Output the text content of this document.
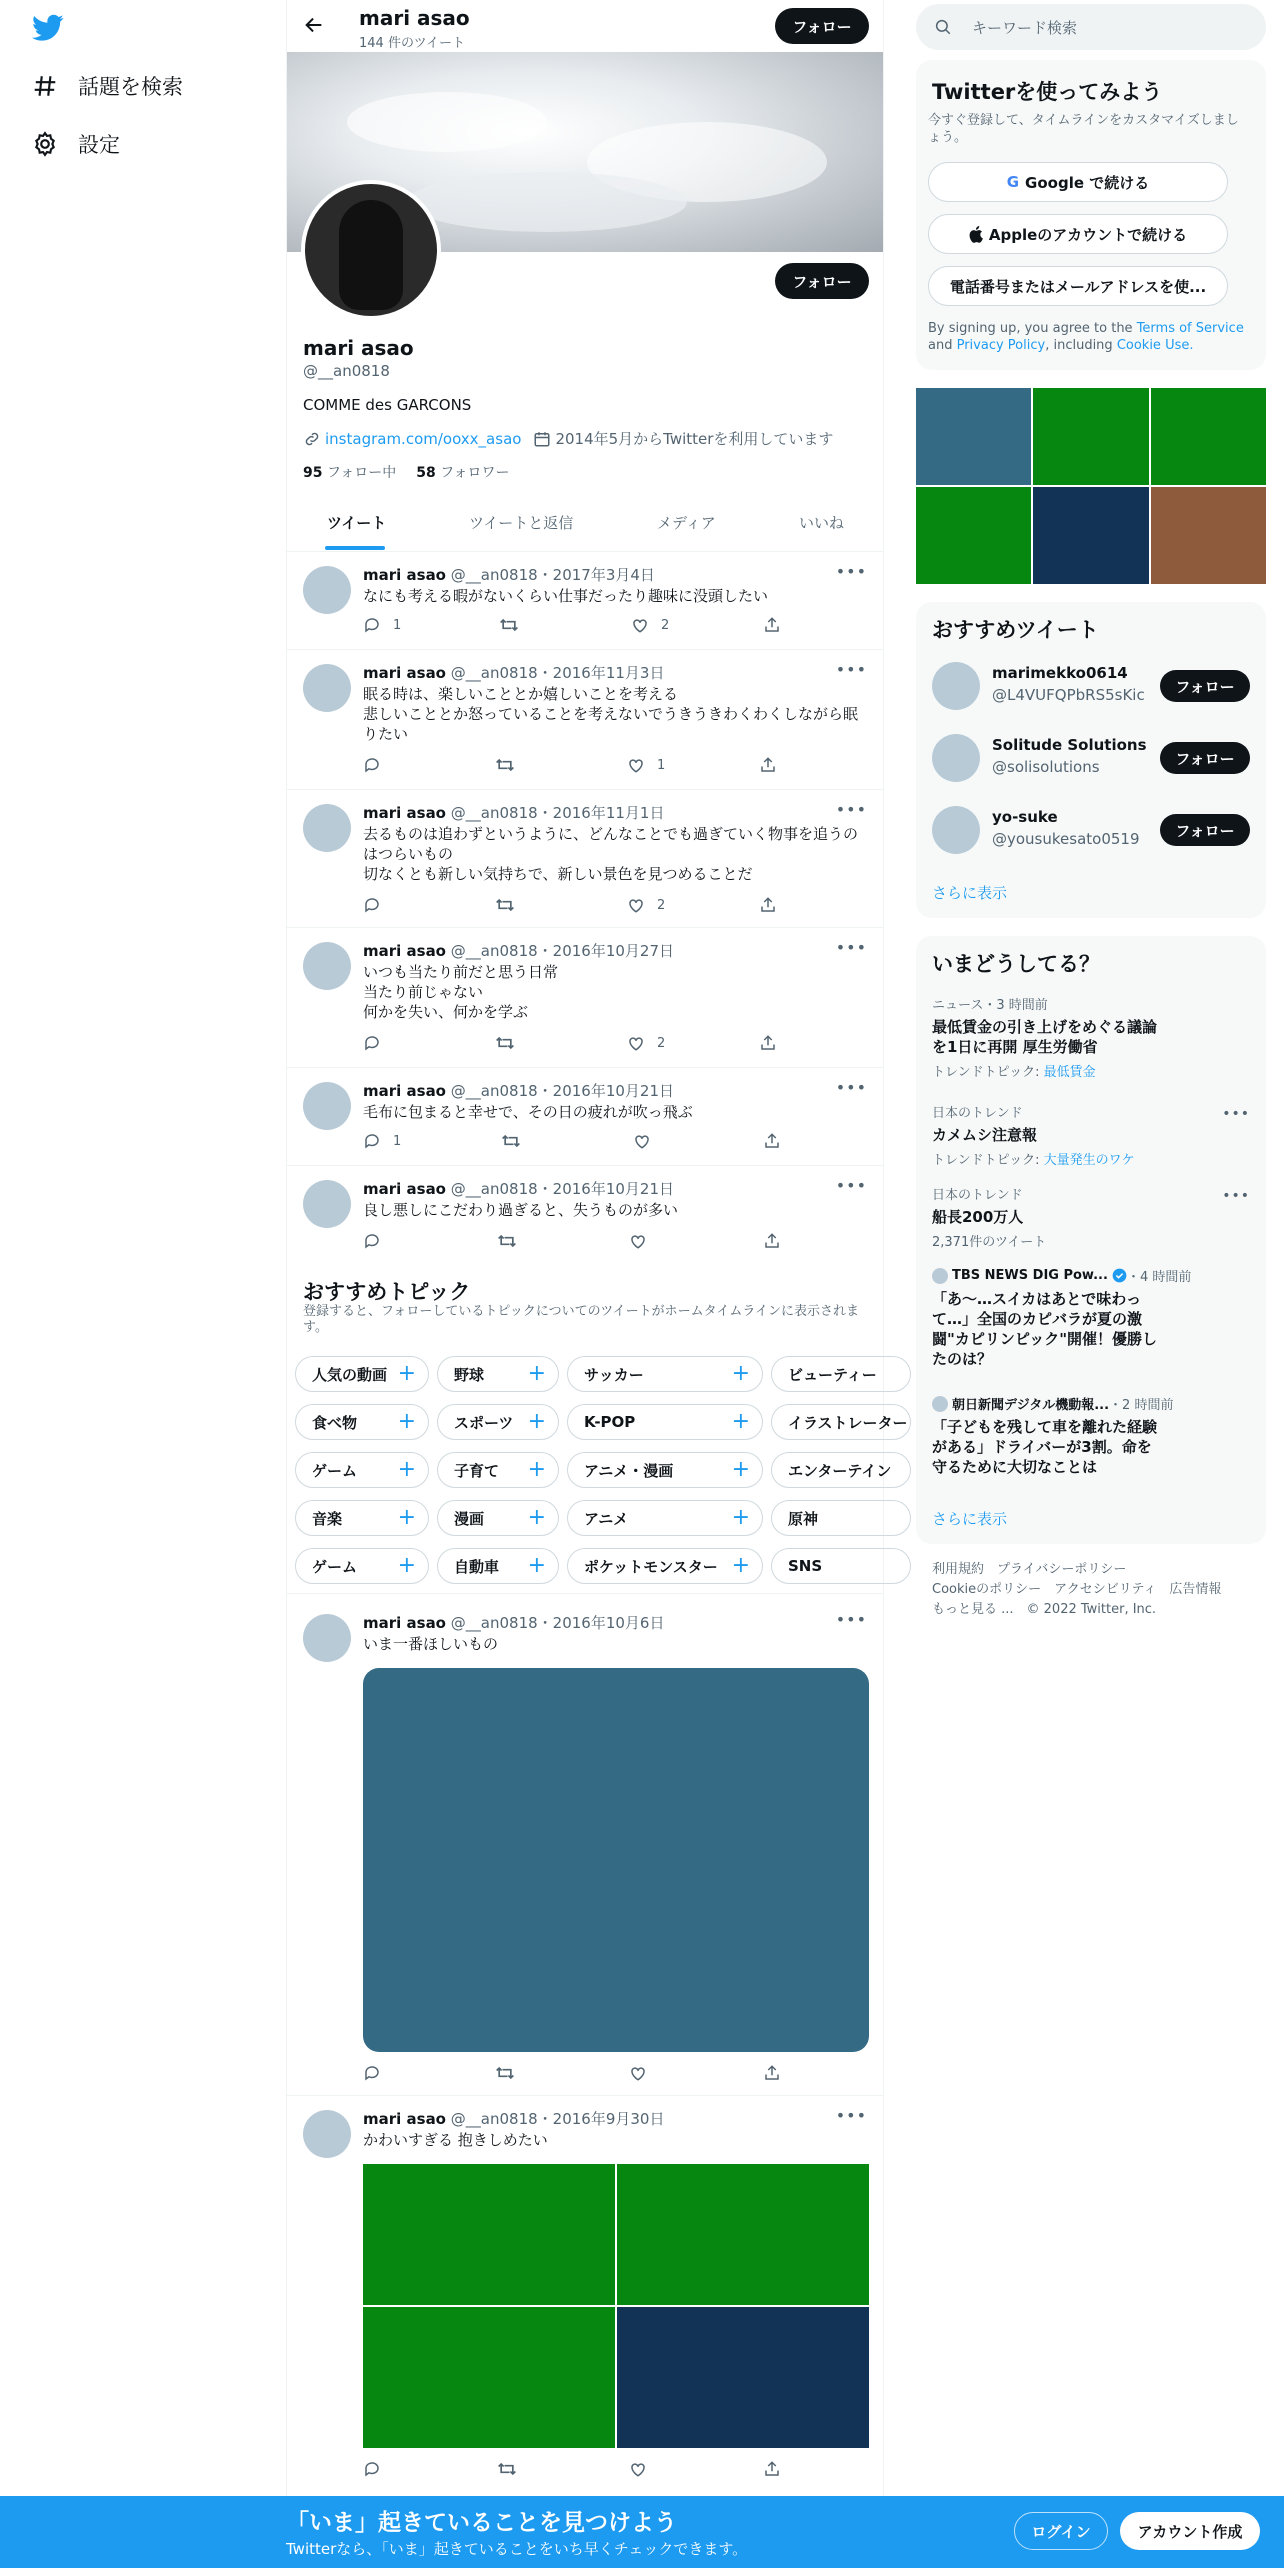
話題を検索
設定
mari asao
144 件のツイート
フォロー
フォロー
mari asao
@__an0818
COMME des GARCONS
instagram.com/ooxx_asao 2014年5月からTwitterを利用しています
95 フォロー中 58 フォロワー
ツイート	ツイートと返信	メディア	いいね
mari asao @__an0818・2017年3月4日	•••
なにも考える暇がないくらい仕事だったり趣味に没頭したい
1	2
mari asao @__an0818・2016年11月3日	•••
眠る時は、楽しいこととか嬉しいことを考える
悲しいこととか怒っていることを考えないでうきうきわくわくしながら眠りたい
1
mari asao @__an0818・2016年11月1日	•••
去るものは追わずというように、どんなことでも過ぎていく物事を追うのはつらいもの
切なくとも新しい気持ちで、新しい景色を見つめることだ
2
mari asao @__an0818・2016年10月27日	•••
いつも当たり前だと思う日常
当たり前じゃない
何かを失い、何かを学ぶ
2
mari asao @__an0818・2016年10月21日	•••
毛布に包まると幸せで、その日の疲れが吹っ飛ぶ
1
mari asao @__an0818・2016年10月21日	•••
良し悪しにこだわり過ぎると、失うものが多い
おすすめトピック
登録すると、フォローしているトピックについてのツイートがホームタイムラインに表示されます。
人気の動画 +	野球 +	サッカー	+	ビューティー
食べ物 +	スポーツ +	K-POP	+	イラストレーター
ゲーム +	子育て +	アニメ・漫画	+	エンターテイン
音楽	+	漫画 +	アニメ	+	原神
ゲーム +	自動車 +	ポケットモンスター +	SNS
mari asao @__an0818・2016年10月6日	•••
いま一番ほしいもの
mari asao @__an0818・2016年9月30日	•••
かわいすぎる 抱きしめたい
キーワード検索
Twitterを使ってみよう
今すぐ登録して、タイムラインをカスタマイズしましょう。
G Google で続ける
Appleのアカウントで続ける
電話番号またはメールアドレスを使...
By signing up, you agree to the Terms of Service and Privacy Policy, including Cookie Use.
おすすめツイート
marimekko0614
@L4VUFQPbRS5sKic	フォロー
Solitude Solutions
@solisolutions	フォロー
yo-suke
@yousukesato0519	フォロー
さらに表示
いまどうしてる？
ニュース・3 時間前
最低賃金の引き上げをめぐる議論
を1日に再開 厚生労働省
トレンドトピック: 最低賃金
日本のトレンド
カメムシ注意報
トレンドトピック: 大量発生のワケ
•••
日本のトレンド
船長200万人
2,371件のツイート
•••
TBS NEWS DIG Pow... ・4 時間前
「あ～…スイカはあとで味わって…」全国のカピバラが夏の激闘"カピリンピック"開催！優勝したのは？
朝日新聞デジタル機動報... ・2 時間前
「子どもを残して車を離れた経験がある」ドライバーが3割。命を守るために大切なことは
さらに表示
利用規約　プライバシーポリシー
Cookieのポリシー　アクセシビリティ　広告情報
もっと見る ...　© 2022 Twitter, Inc.
「いま」起きていることを見つけよう
Twitterなら、「いま」起きていることをいち早くチェックできます。
ログイン	アカウント作成
